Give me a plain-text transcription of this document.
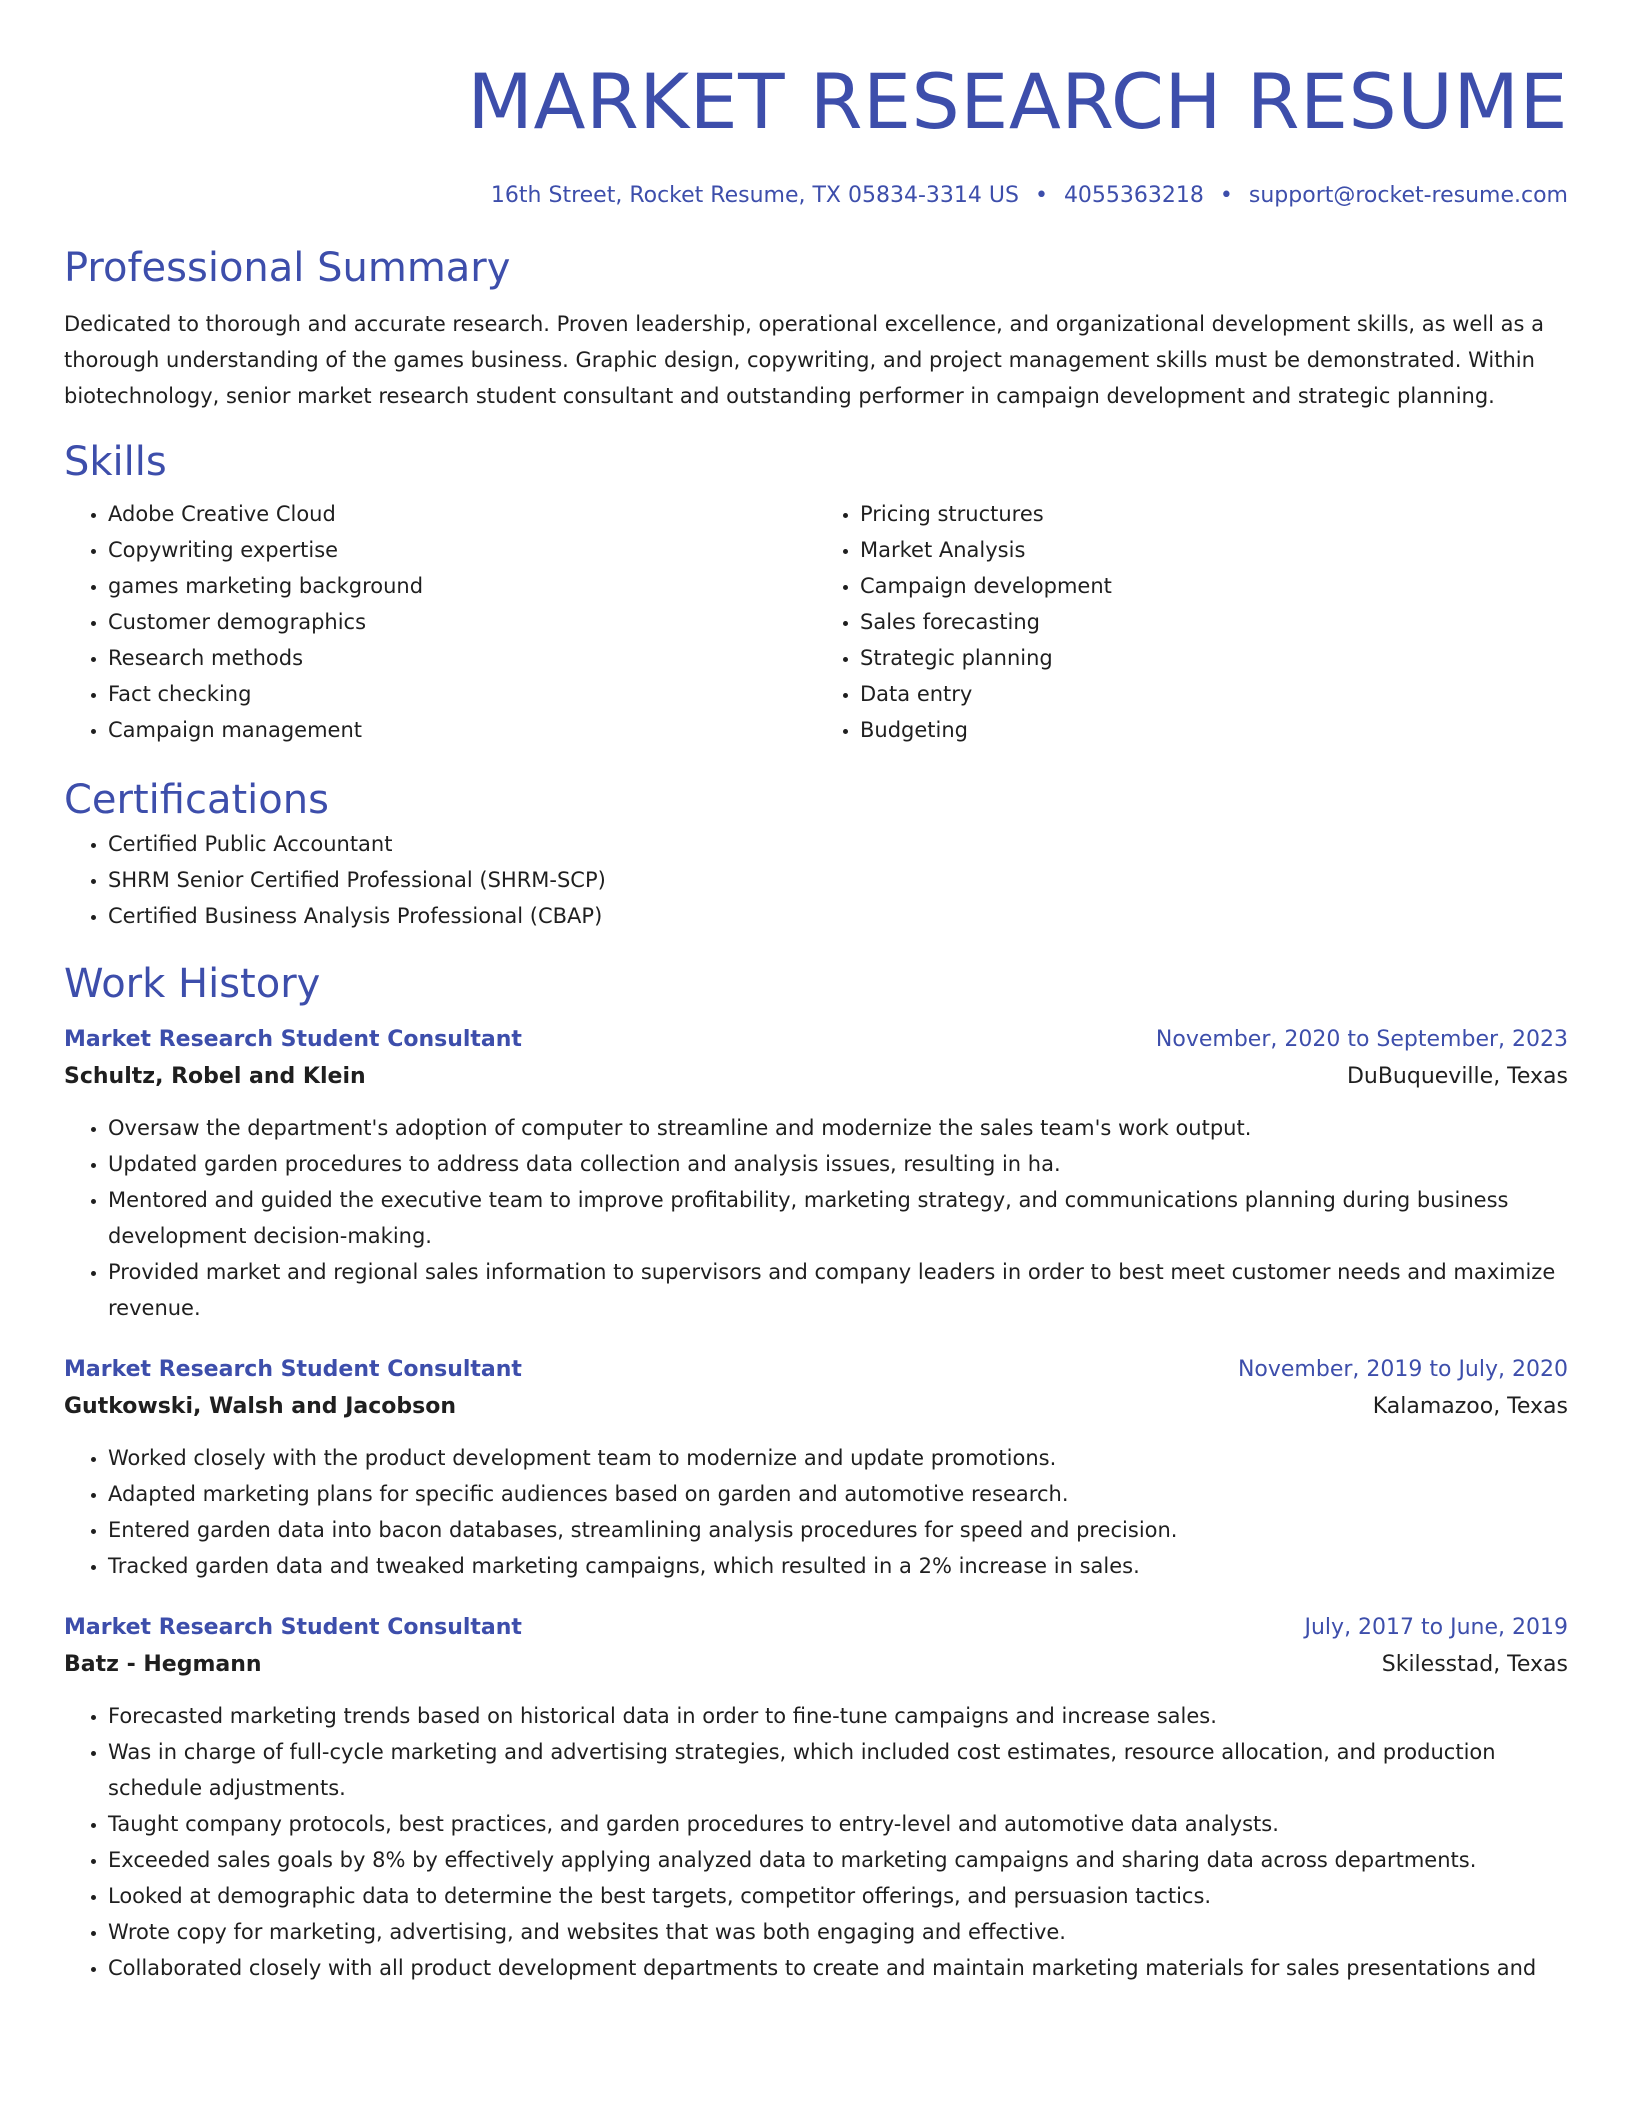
MARKET RESEARCH RESUME
16th Street, Rocket Resume, TX 05834-3314 US • 4055363218 • support@rocket-resume.com
Professional Summary

Dedicated to thorough and accurate research. Proven leadership, operational excellence, and organizational development skills, as well as a thorough understanding of the games business. Graphic design, copywriting, and project management skills must be demonstrated. Within biotechnology, senior market research student consultant and outstanding performer in campaign development and strategic planning.

Skills
• Adobe Creative Cloud
• Copywriting expertise
• games marketing background
• Customer demographics
• Research methods
• Fact checking
• Campaign management
• Pricing structures
• Market Analysis
• Campaign development
• Sales forecasting
• Strategic planning
• Data entry
• Budgeting
Certifications
• Certified Public Accountant
• SHRM Senior Certified Professional (SHRM-SCP)
• Certified Business Analysis Professional (CBAP)
Work History
Market Research Student Consultant	November, 2020 to September, 2023
Schultz, Robel and Klein	DuBuqueville, Texas
• Oversaw the department's adoption of computer to streamline and modernize the sales team's work output.
• Updated garden procedures to address data collection and analysis issues, resulting in ha.
• Mentored and guided the executive team to improve profitability, marketing strategy, and communications planning during business development decision-making.
• Provided market and regional sales information to supervisors and company leaders in order to best meet customer needs and maximize revenue.
Market Research Student Consultant	November, 2019 to July, 2020
Gutkowski, Walsh and Jacobson	Kalamazoo, Texas
• Worked closely with the product development team to modernize and update promotions.
• Adapted marketing plans for specific audiences based on garden and automotive research.
• Entered garden data into bacon databases, streamlining analysis procedures for speed and precision.
• Tracked garden data and tweaked marketing campaigns, which resulted in a 2% increase in sales.
Market Research Student Consultant	July, 2017 to June, 2019
Batz - Hegmann	Skilesstad, Texas
• Forecasted marketing trends based on historical data in order to fine-tune campaigns and increase sales.
• Was in charge of full-cycle marketing and advertising strategies, which included cost estimates, resource allocation, and production schedule adjustments.
• Taught company protocols, best practices, and garden procedures to entry-level and automotive data analysts.
• Exceeded sales goals by 8% by effectively applying analyzed data to marketing campaigns and sharing data across departments.
• Looked at demographic data to determine the best targets, competitor offerings, and persuasion tactics.
• Wrote copy for marketing, advertising, and websites that was both engaging and effective.
• Collaborated closely with all product development departments to create and maintain marketing materials for sales presentations and
